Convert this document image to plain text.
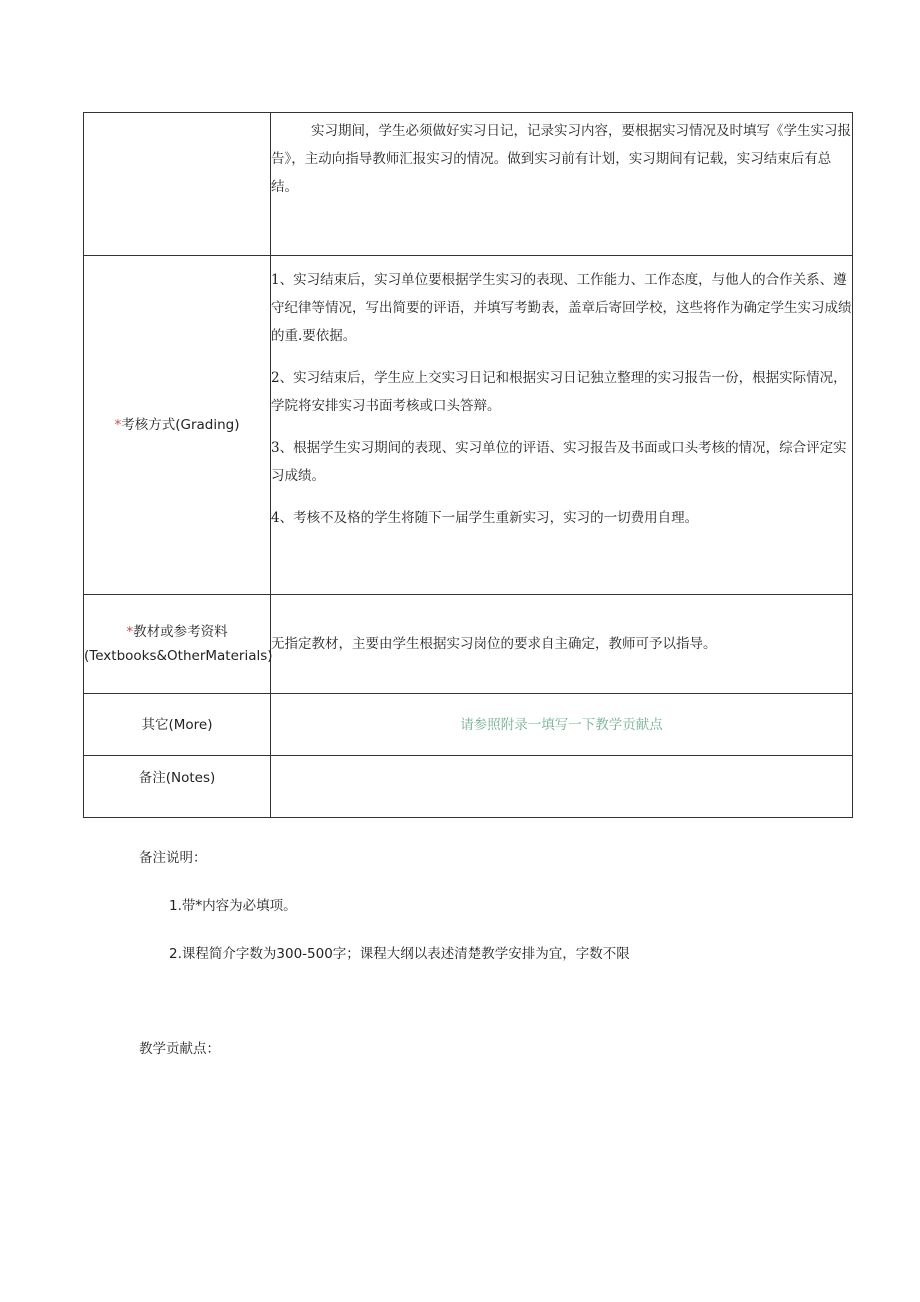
	实习期间，学生必须做好实习日记，记录实习内容，要根据实习情况及时填写《学生实习报告》，主动向指导教师汇报实习的情况。做到实习前有计划，实习期间有记载，实习结束后有总结。

*考核方式(Grading)	1、实习结束后，实习单位要根据学生实习的表现、工作能力、工作态度，与他人的合作关系、遵守纪律等情况，写出简要的评语，并填写考勤表，盖章后寄回学校，这些将作为确定学生实习成绩的重.要依据。

2、实习结束后，学生应上交实习日记和根据实习日记独立整理的实习报告一份，根据实际情况，学院将安排实习书面考核或口头答辩。

3、根据学生实习期间的表现、实习单位的评语、实习报告及书面或口头考核的情况，综合评定实习成绩。

4、考核不及格的学生将随下一届学生重新实习，实习的一切费用自理。

*教材或参考资料
(Textbooks&OtherMaterials)	无指定教材，主要由学生根据实习岗位的要求自主确定，教师可予以指导。

其它(More)	请参照附录一填写一下教学贡献点

备注(Notes)	
备注说明：
1.带*内容为必填项。
2.课程简介字数为300-500字；课程大纲以表述清楚教学安排为宜，字数不限
教学贡献点：
